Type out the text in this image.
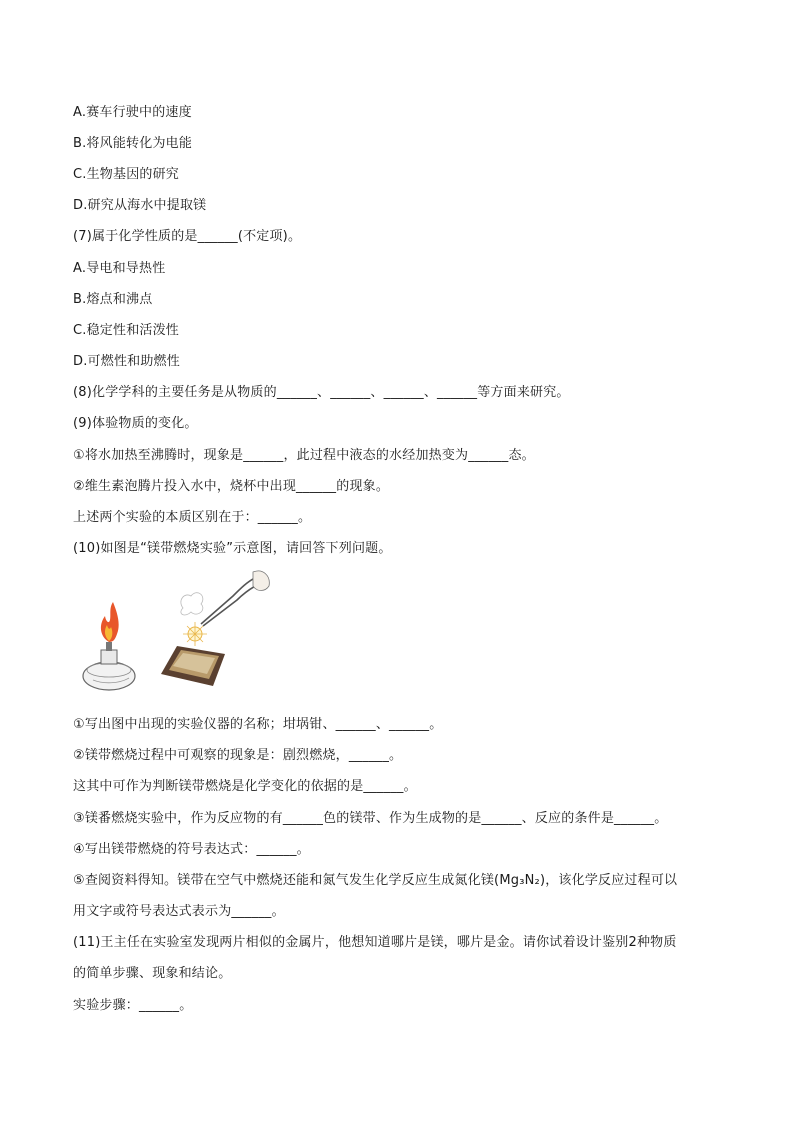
A.赛车行驶中的速度
B.将风能转化为电能
C.生物基因的研究
D.研究从海水中提取镁
(7)属于化学性质的是______(不定项)。
A.导电和导热性
B.熔点和沸点
C.稳定性和活泼性
D.可燃性和助燃性
(8)化学学科的主要任务是从物质的______、______、______、______等方面来研究。
(9)体验物质的变化。
①将水加热至沸腾时，现象是______，此过程中液态的水经加热变为______态。
②维生素泡腾片投入水中，烧杯中出现______的现象。
上述两个实验的本质区别在于：______。
(10)如图是“镁带燃烧实验”示意图，请回答下列问题。
①写出图中出现的实验仪器的名称；坩埚钳、______、______。
②镁带燃烧过程中可观察的现象是：剧烈燃烧，______。
这其中可作为判断镁带燃烧是化学变化的依据的是______。
③镁番燃烧实验中，作为反应物的有______色的镁带、作为生成物的是______、反应的条件是______。
④写出镁带燃烧的符号表达式：______。
⑤查阅资料得知。镁带在空气中燃烧还能和氮气发生化学反应生成氮化镁(Mg₃N₂)，该化学反应过程可以
用文字或符号表达式表示为______。
(11)王主任在实验室发现两片相似的金属片，他想知道哪片是镁，哪片是金。请你试着设计鉴别2种物质
的简单步骤、现象和结论。
实验步骤：______。
